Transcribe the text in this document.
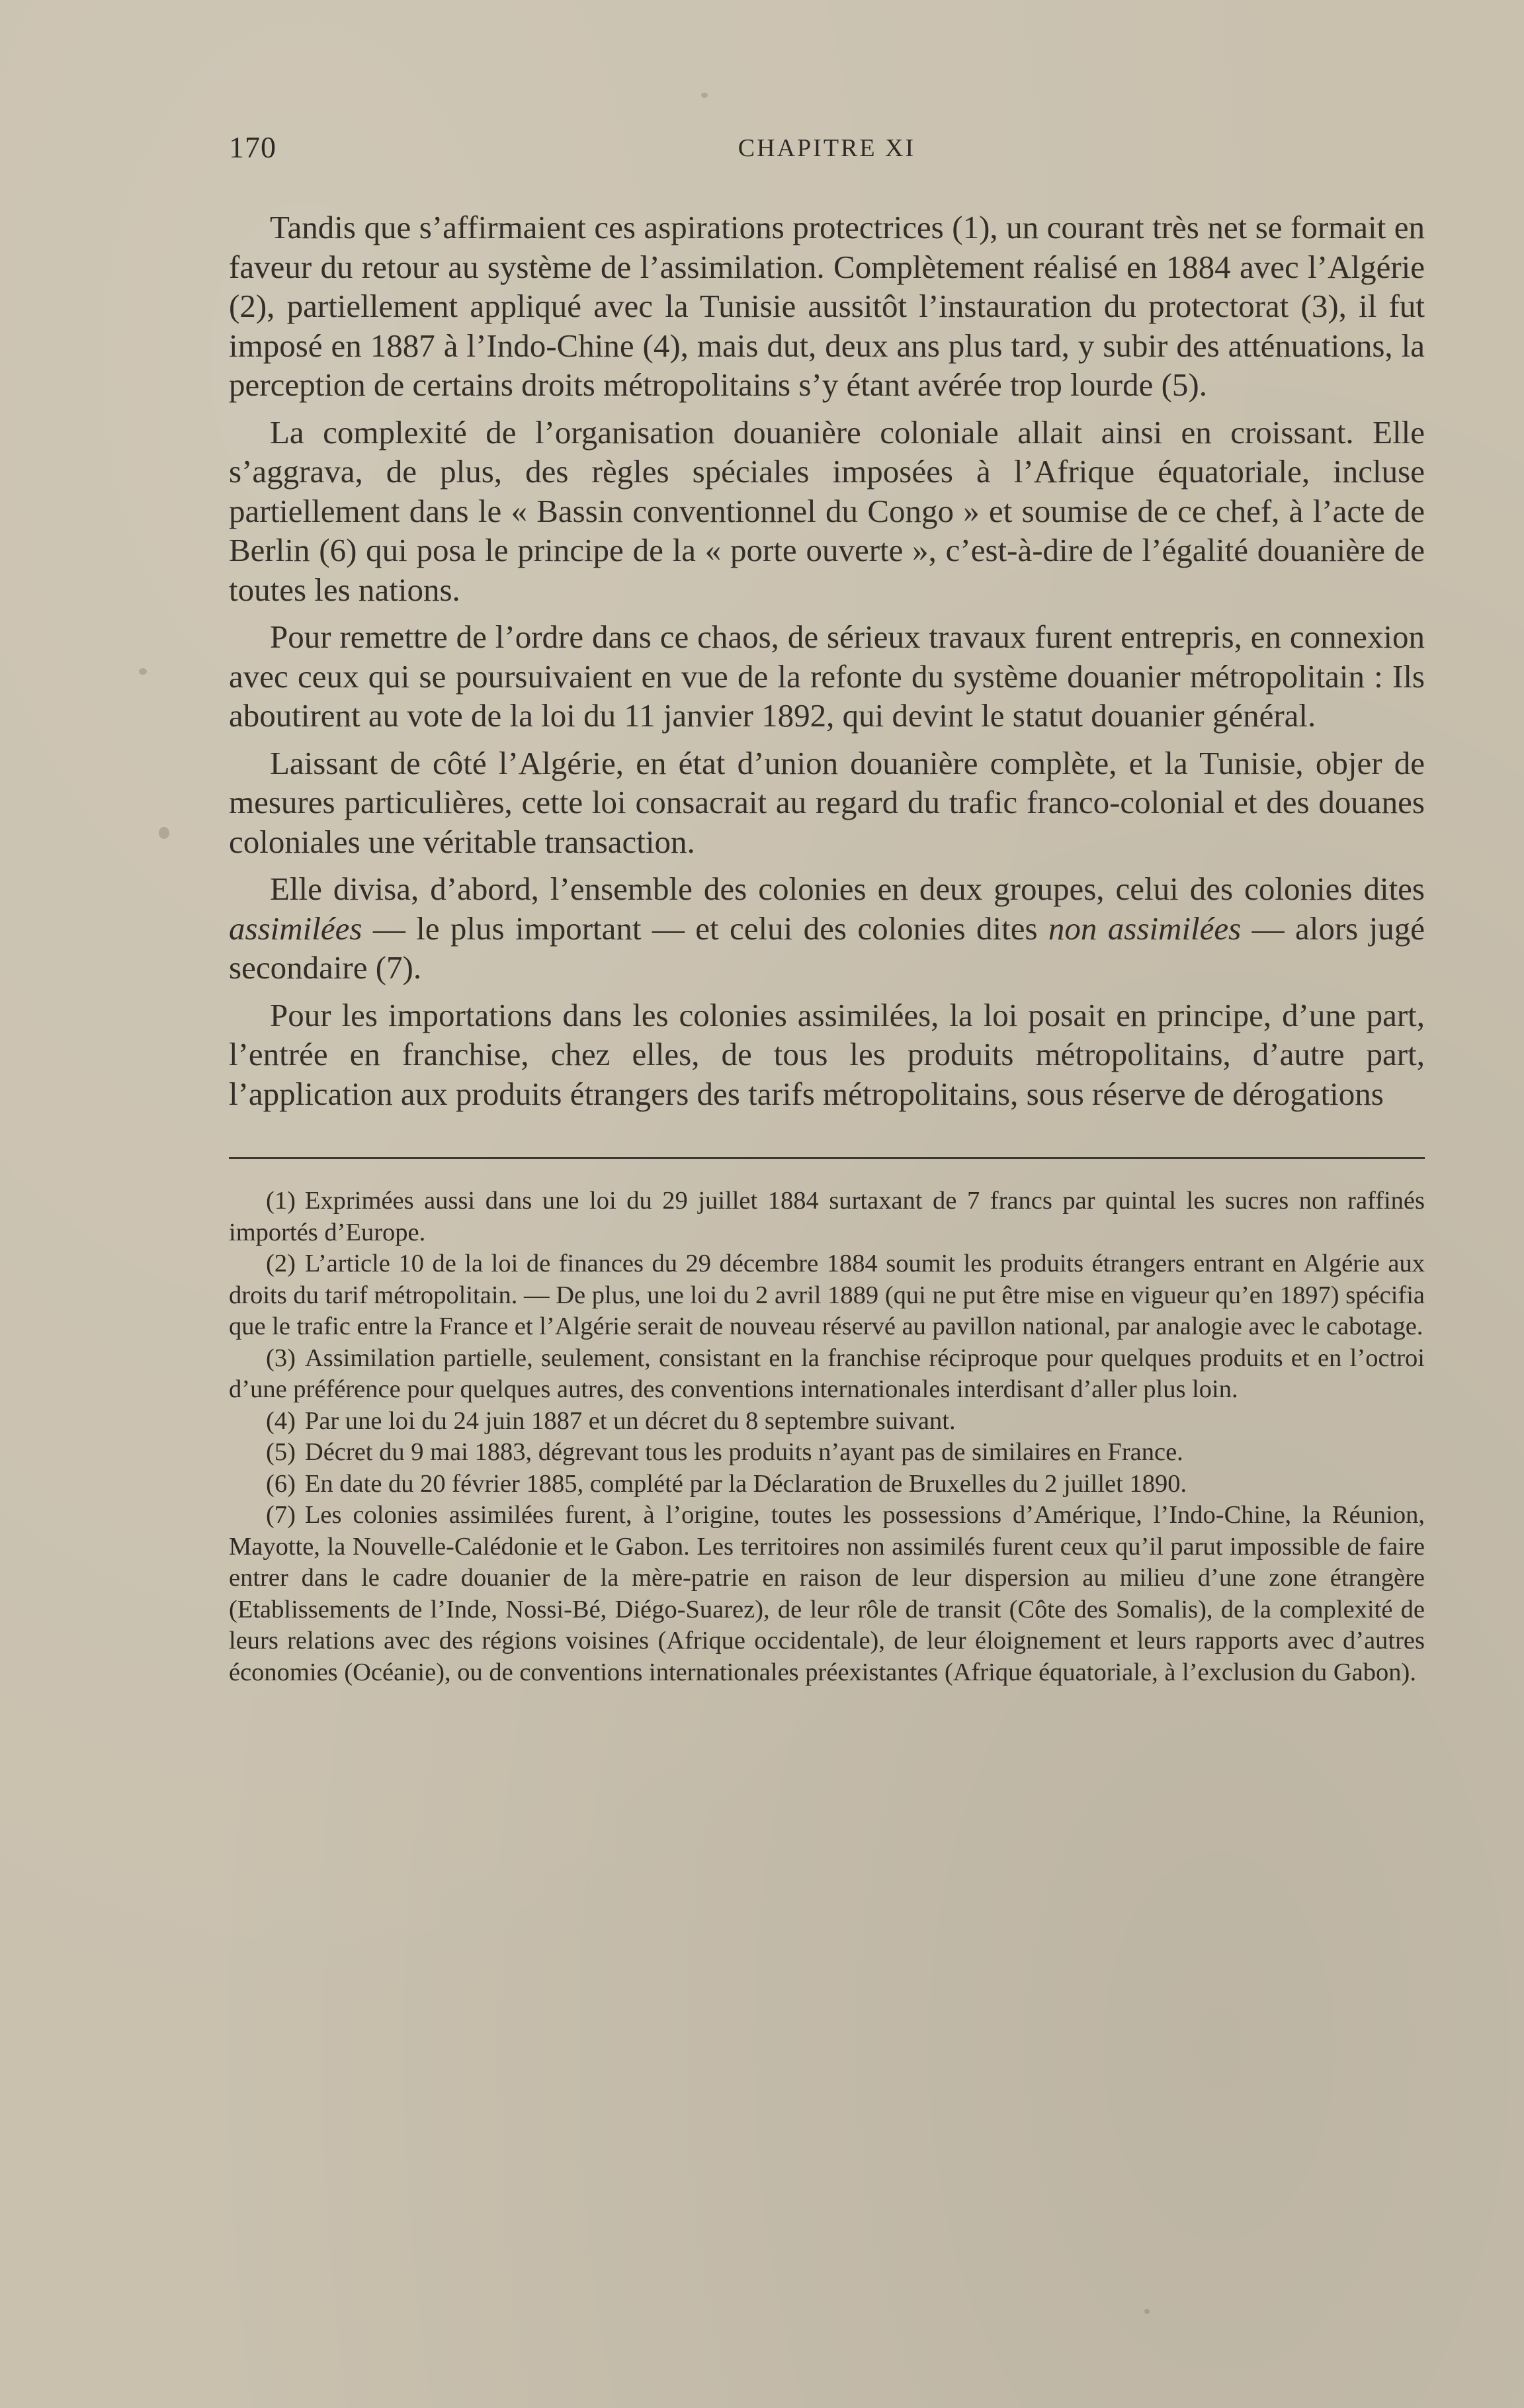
170	CHAPITRE XI

Tandis que s’affirmaient ces aspirations protectrices (1), un courant très net se formait en faveur du retour au système de l’assimilation. Complètement réalisé en 1884 avec l’Algérie (2), partiellement appliqué avec la Tunisie aussitôt l’instauration du protectorat (3), il fut imposé en 1887 à l’Indo-Chine (4), mais dut, deux ans plus tard, y subir des atténuations, la perception de certains droits métropolitains s’y étant avérée trop lourde (5).

La complexité de l’organisation douanière coloniale allait ainsi en croissant. Elle s’aggrava, de plus, des règles spéciales imposées à l’Afrique équatoriale, incluse partiellement dans le « Bassin conventionnel du Congo » et soumise de ce chef, à l’acte de Berlin (6) qui posa le principe de la « porte ouverte », c’est-à-dire de l’égalité douanière de toutes les nations.

Pour remettre de l’ordre dans ce chaos, de sérieux travaux furent entrepris, en connexion avec ceux qui se poursuivaient en vue de la refonte du système douanier métropolitain : Ils aboutirent au vote de la loi du 11 janvier 1892, qui devint le statut douanier général.

Laissant de côté l’Algérie, en état d’union douanière complète, et la Tunisie, objer de mesures particulières, cette loi consacrait au regard du trafic franco-colonial et des douanes coloniales une véritable transaction.

Elle divisa, d’abord, l’ensemble des colonies en deux groupes, celui des colonies dites assimilées — le plus important — et celui des colonies dites non assimilées — alors jugé secondaire (7).

Pour les importations dans les colonies assimilées, la loi posait en principe, d’une part, l’entrée en franchise, chez elles, de tous les produits métropolitains, d’autre part, l’application aux produits étrangers des tarifs métropolitains, sous réserve de dérogations

(1) Exprimées aussi dans une loi du 29 juillet 1884 surtaxant de 7 francs par quintal les sucres non raffinés importés d’Europe.

(2) L’article 10 de la loi de finances du 29 décembre 1884 soumit les produits étrangers entrant en Algérie aux droits du tarif métropolitain. — De plus, une loi du 2 avril 1889 (qui ne put être mise en vigueur qu’en 1897) spécifia que le trafic entre la France et l’Algérie serait de nouveau réservé au pavillon national, par analogie avec le cabotage.

(3) Assimilation partielle, seulement, consistant en la franchise réciproque pour quelques produits et en l’octroi d’une préférence pour quelques autres, des conventions internationales interdisant d’aller plus loin.

(4) Par une loi du 24 juin 1887 et un décret du 8 septembre suivant.

(5) Décret du 9 mai 1883, dégrevant tous les produits n’ayant pas de similaires en France.

(6) En date du 20 février 1885, complété par la Déclaration de Bruxelles du 2 juillet 1890.

(7) Les colonies assimilées furent, à l’origine, toutes les possessions d’Amérique, l’Indo-Chine, la Réunion, Mayotte, la Nouvelle-Calédonie et le Gabon. Les territoires non assimilés furent ceux qu’il parut impossible de faire entrer dans le cadre douanier de la mère-patrie en raison de leur dispersion au milieu d’une zone étrangère (Etablissements de l’Inde, Nossi-Bé, Diégo-Suarez), de leur rôle de transit (Côte des Somalis), de la complexité de leurs relations avec des régions voisines (Afrique occidentale), de leur éloignement et leurs rapports avec d’autres économies (Océanie), ou de conventions internationales préexistantes (Afrique équatoriale, à l’exclusion du Gabon).
